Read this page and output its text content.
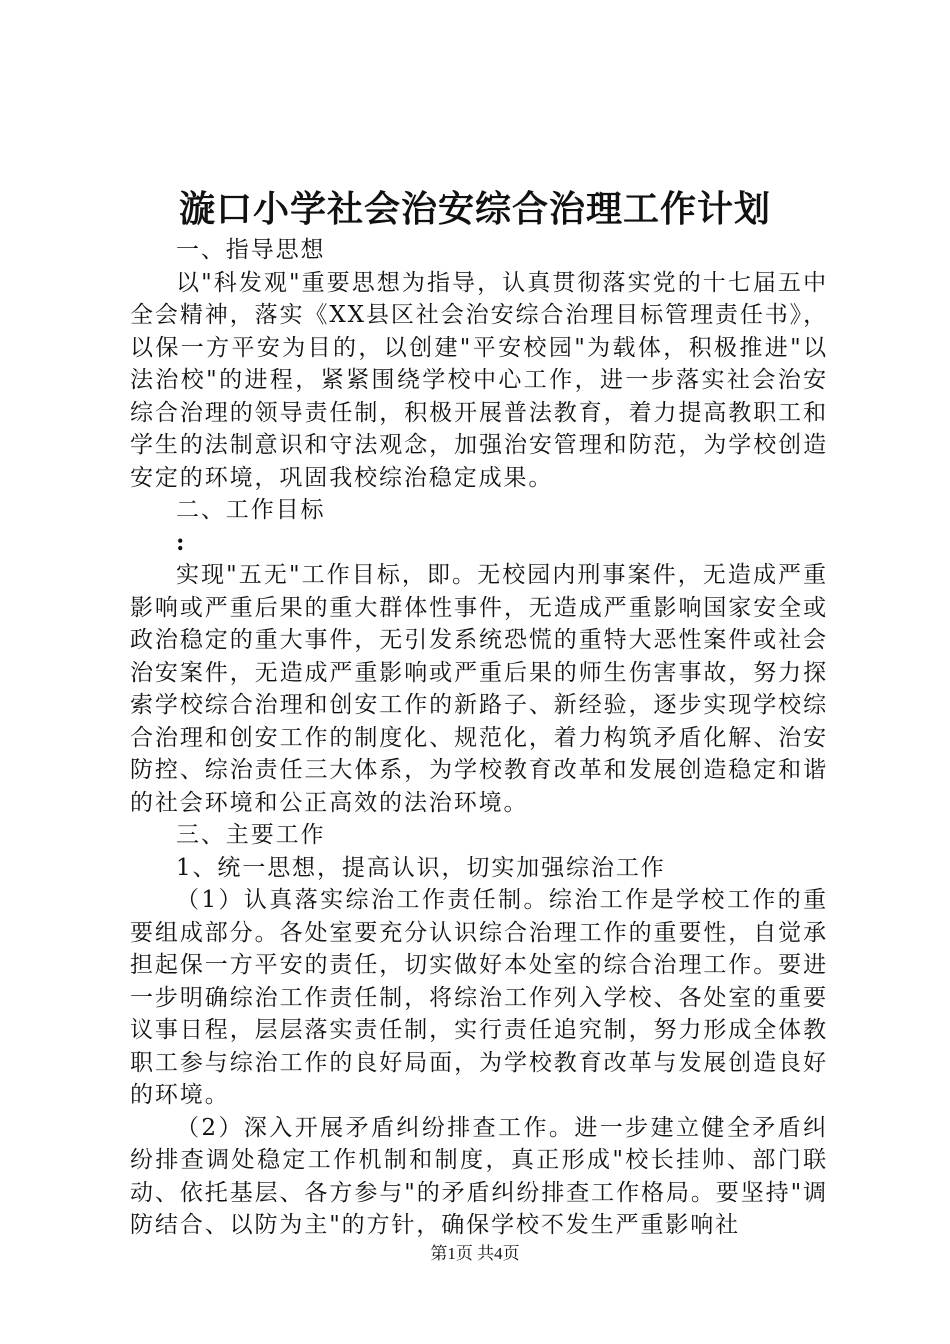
漩口小学社会治安综合治理工作计划

一、指导思想

以"科发观"重要思想为指导，认真贯彻落实党的十七届五中全会精神，落实《XX县区社会治安综合治理目标管理责任书》，以保一方平安为目的，以创建"平安校园"为载体，积极推进"以法治校"的进程，紧紧围绕学校中心工作，进一步落实社会治安综合治理的领导责任制，积极开展普法教育，着力提高教职工和学生的法制意识和守法观念，加强治安管理和防范，为学校创造安定的环境，巩固我校综治稳定成果。

二、工作目标

:

实现"五无"工作目标，即。无校园内刑事案件，无造成严重影响或严重后果的重大群体性事件，无造成严重影响国家安全或政治稳定的重大事件，无引发系统恐慌的重特大恶性案件或社会治安案件，无造成严重影响或严重后果的师生伤害事故，努力探索学校综合治理和创安工作的新路子、新经验，逐步实现学校综合治理和创安工作的制度化、规范化，着力构筑矛盾化解、治安防控、综治责任三大体系，为学校教育改革和发展创造稳定和谐的社会环境和公正高效的法治环境。

三、主要工作

1、统一思想，提高认识，切实加强综治工作

（1）认真落实综治工作责任制。综治工作是学校工作的重要组成部分。各处室要充分认识综合治理工作的重要性，自觉承担起保一方平安的责任，切实做好本处室的综合治理工作。要进一步明确综治工作责任制，将综治工作列入学校、各处室的重要议事日程，层层落实责任制，实行责任追究制，努力形成全体教职工参与综治工作的良好局面，为学校教育改革与发展创造良好的环境。

（2）深入开展矛盾纠纷排查工作。进一步建立健全矛盾纠纷排查调处稳定工作机制和制度，真正形成"校长挂帅、部门联动、依托基层、各方参与"的矛盾纠纷排查工作格局。要坚持"调防结合、以防为主"的方针，确保学校不发生严重影响社

第1页 共4页
